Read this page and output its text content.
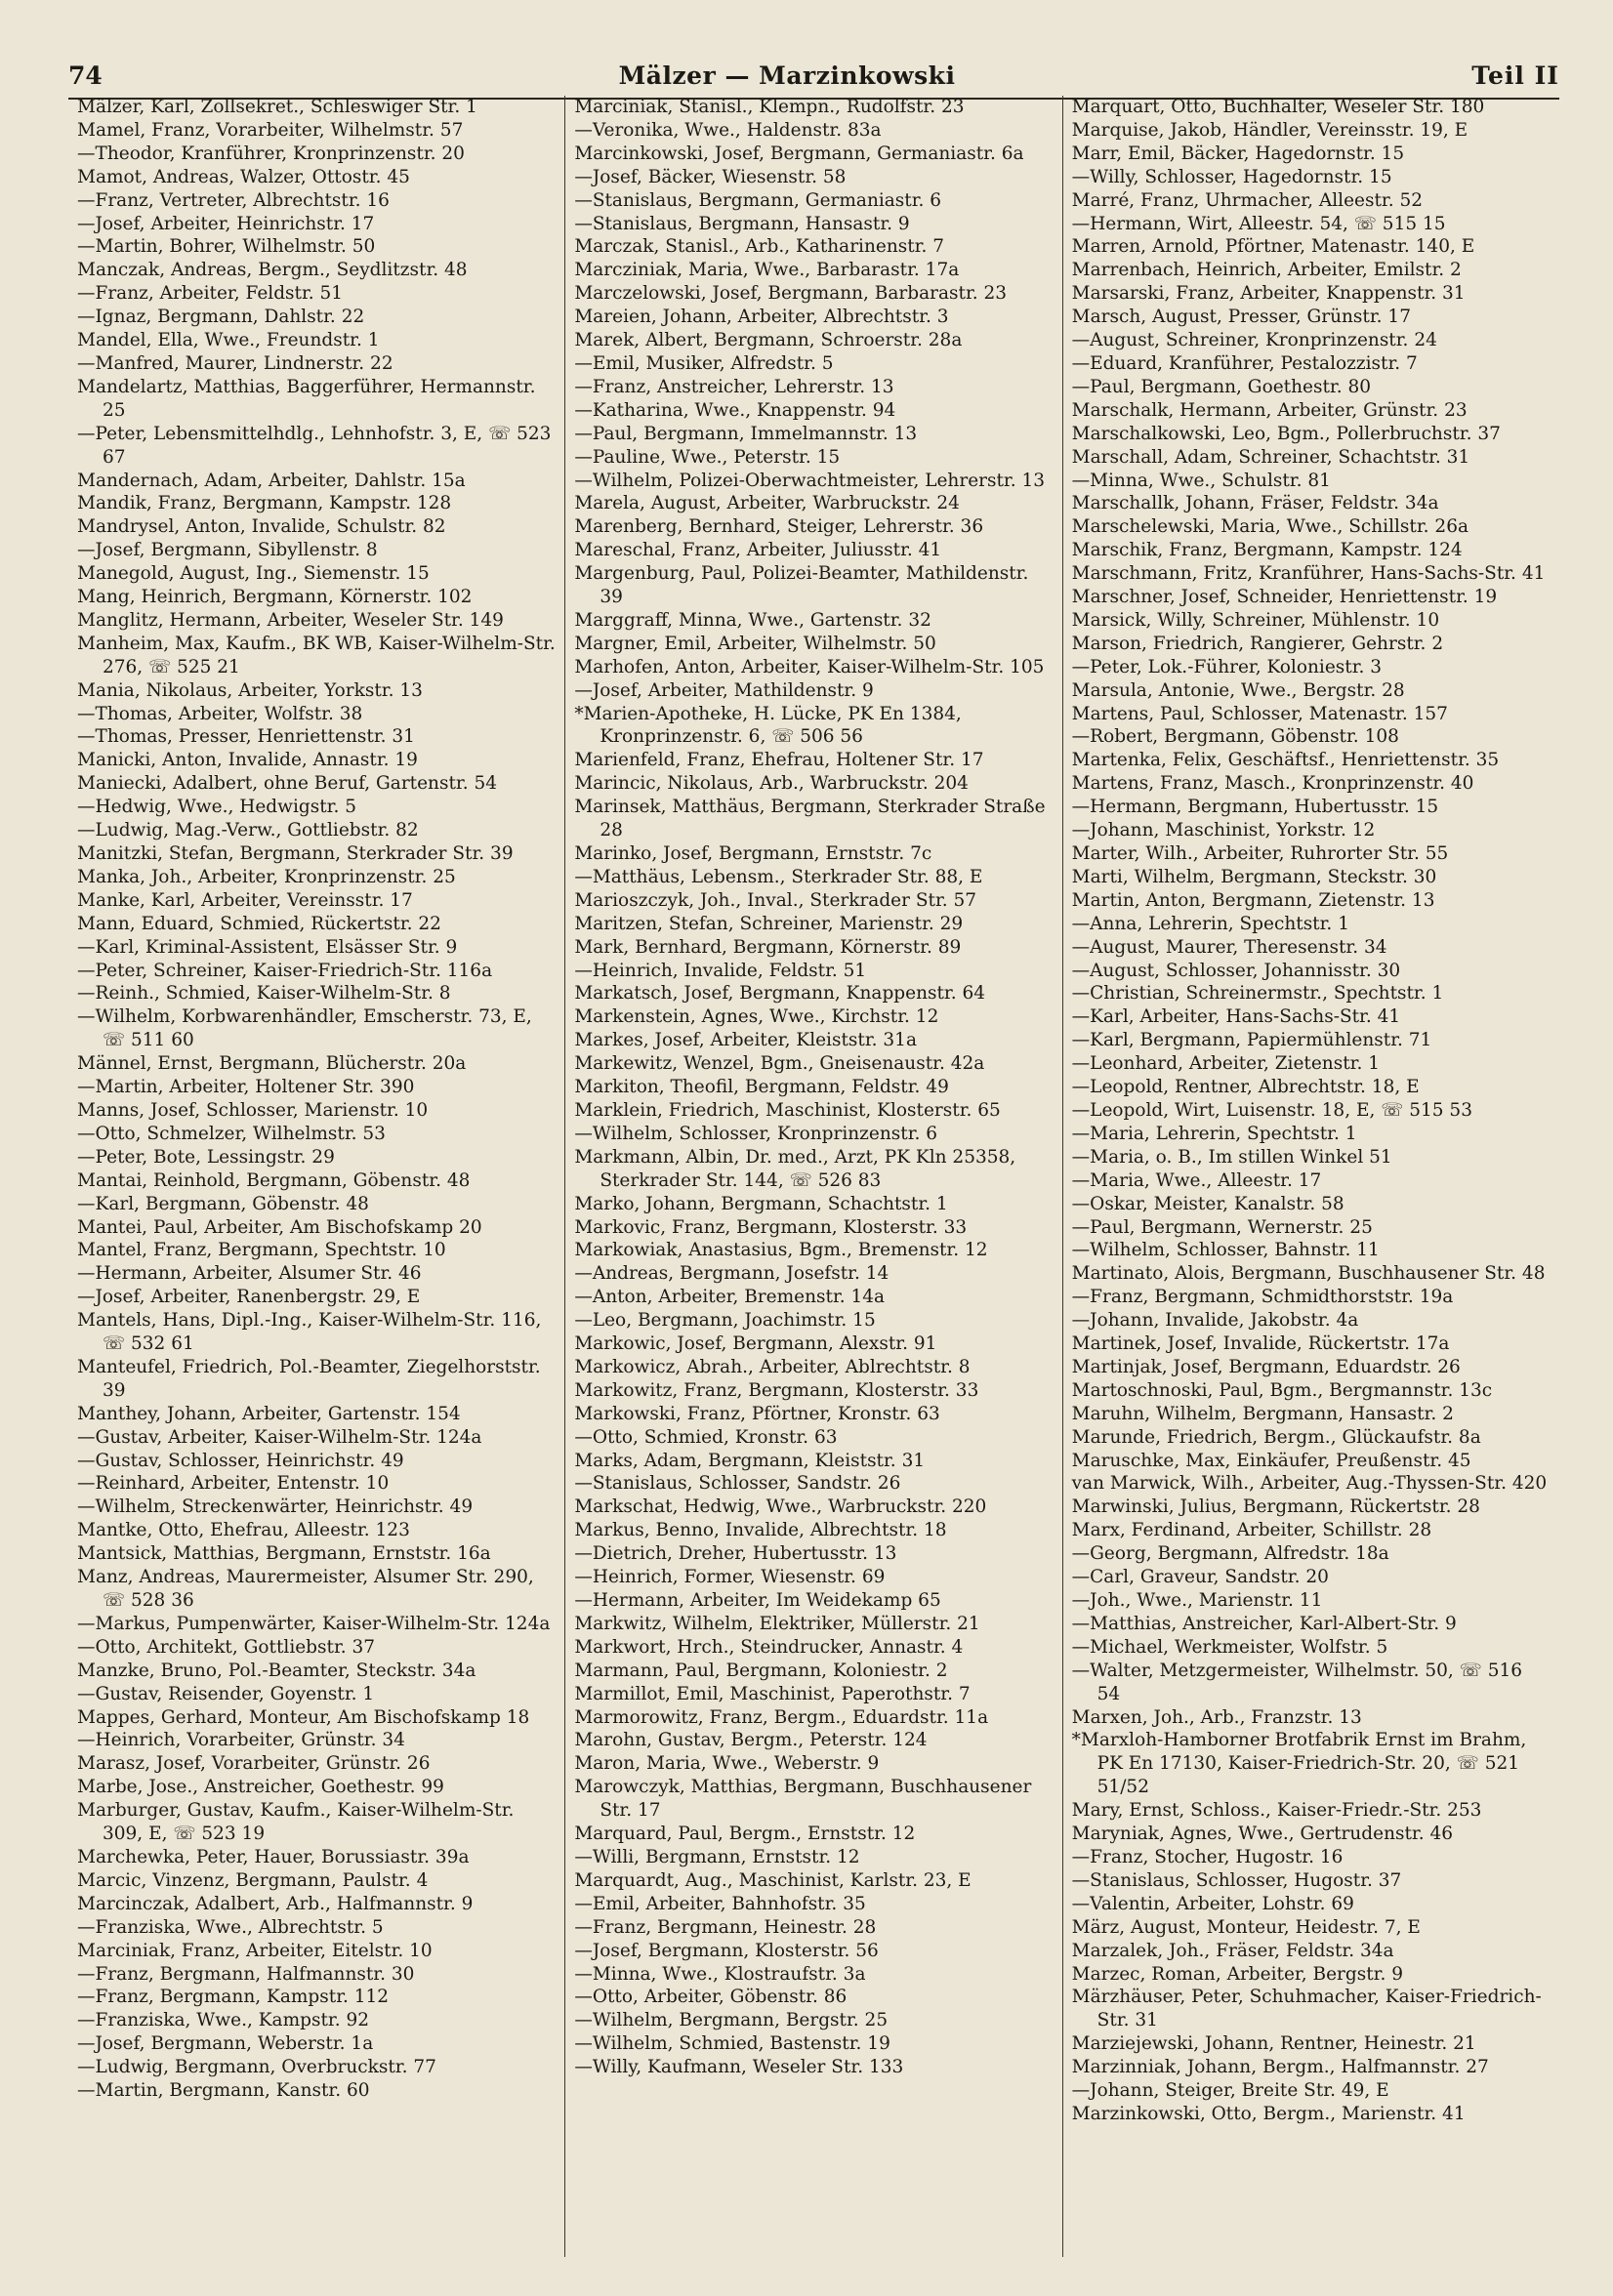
74	Mälzer — Marzinkowski	Teil II
Mälzer, Karl, Zollsekret., Schleswiger Str. 1
Mamel, Franz, Vorarbeiter, Wilhelmstr. 57
—Theodor, Kranführer, Kronprinzenstr. 20
Mamot, Andreas, Walzer, Ottostr. 45
—Franz, Vertreter, Albrechtstr. 16
—Josef, Arbeiter, Heinrichstr. 17
—Martin, Bohrer, Wilhelmstr. 50
Manczak, Andreas, Bergm., Seydlitzstr. 48
—Franz, Arbeiter, Feldstr. 51
—Ignaz, Bergmann, Dahlstr. 22
Mandel, Ella, Wwe., Freundstr. 1
—Manfred, Maurer, Lindnerstr. 22
Mandelartz, Matthias, Baggerführer, Hermannstr. 25
—Peter, Lebensmittelhdlg., Lehnhofstr. 3, E, ☏ 523 67
Mandernach, Adam, Arbeiter, Dahlstr. 15a
Mandik, Franz, Bergmann, Kampstr. 128
Mandrysel, Anton, Invalide, Schulstr. 82
—Josef, Bergmann, Sibyllenstr. 8
Manegold, August, Ing., Siemenstr. 15
Mang, Heinrich, Bergmann, Körnerstr. 102
Manglitz, Hermann, Arbeiter, Weseler Str. 149
Manheim, Max, Kaufm., BK WB, Kaiser-Wilhelm-Str. 276, ☏ 525 21
Mania, Nikolaus, Arbeiter, Yorkstr. 13
—Thomas, Arbeiter, Wolfstr. 38
—Thomas, Presser, Henriettenstr. 31
Manicki, Anton, Invalide, Annastr. 19
Maniecki, Adalbert, ohne Beruf, Gartenstr. 54
—Hedwig, Wwe., Hedwigstr. 5
—Ludwig, Mag.-Verw., Gottliebstr. 82
Manitzki, Stefan, Bergmann, Sterkrader Str. 39
Manka, Joh., Arbeiter, Kronprinzenstr. 25
Manke, Karl, Arbeiter, Vereinsstr. 17
Mann, Eduard, Schmied, Rückertstr. 22
—Karl, Kriminal-Assistent, Elsässer Str. 9
—Peter, Schreiner, Kaiser-Friedrich-Str. 116a
—Reinh., Schmied, Kaiser-Wilhelm-Str. 8
—Wilhelm, Korbwarenhändler, Emscherstr. 73, E, ☏ 511 60
Männel, Ernst, Bergmann, Blücherstr. 20a
—Martin, Arbeiter, Holtener Str. 390
Manns, Josef, Schlosser, Marienstr. 10
—Otto, Schmelzer, Wilhelmstr. 53
—Peter, Bote, Lessingstr. 29
Mantai, Reinhold, Bergmann, Göbenstr. 48
—Karl, Bergmann, Göbenstr. 48
Mantei, Paul, Arbeiter, Am Bischofskamp 20
Mantel, Franz, Bergmann, Spechtstr. 10
—Hermann, Arbeiter, Alsumer Str. 46
—Josef, Arbeiter, Ranenbergstr. 29, E
Mantels, Hans, Dipl.-Ing., Kaiser-Wilhelm-Str. 116, ☏ 532 61
Manteufel, Friedrich, Pol.-Beamter, Ziegelhorststr. 39
Manthey, Johann, Arbeiter, Gartenstr. 154
—Gustav, Arbeiter, Kaiser-Wilhelm-Str. 124a
—Gustav, Schlosser, Heinrichstr. 49
—Reinhard, Arbeiter, Entenstr. 10
—Wilhelm, Streckenwärter, Heinrichstr. 49
Mantke, Otto, Ehefrau, Alleestr. 123
Mantsick, Matthias, Bergmann, Ernststr. 16a
Manz, Andreas, Maurermeister, Alsumer Str. 290, ☏ 528 36
—Markus, Pumpenwärter, Kaiser-Wilhelm-Str. 124a
—Otto, Architekt, Gottliebstr. 37
Manzke, Bruno, Pol.-Beamter, Steckstr. 34a
—Gustav, Reisender, Goyenstr. 1
Mappes, Gerhard, Monteur, Am Bischofskamp 18
—Heinrich, Vorarbeiter, Grünstr. 34
Marasz, Josef, Vorarbeiter, Grünstr. 26
Marbe, Jose., Anstreicher, Goethestr. 99
Marburger, Gustav, Kaufm., Kaiser-Wilhelm-Str. 309, E, ☏ 523 19
Marchewka, Peter, Hauer, Borussiastr. 39a
Marcic, Vinzenz, Bergmann, Paulstr. 4
Marcinczak, Adalbert, Arb., Halfmannstr. 9
—Franziska, Wwe., Albrechtstr. 5
Marciniak, Franz, Arbeiter, Eitelstr. 10
—Franz, Bergmann, Halfmannstr. 30
—Franz, Bergmann, Kampstr. 112
—Franziska, Wwe., Kampstr. 92
—Josef, Bergmann, Weberstr. 1a
—Ludwig, Bergmann, Overbruckstr. 77
—Martin, Bergmann, Kanstr. 60
Marciniak, Stanisl., Klempn., Rudolfstr. 23
—Veronika, Wwe., Haldenstr. 83a
Marcinkowski, Josef, Bergmann, Germaniastr. 6a
—Josef, Bäcker, Wiesenstr. 58
—Stanislaus, Bergmann, Germaniastr. 6
—Stanislaus, Bergmann, Hansastr. 9
Marczak, Stanisl., Arb., Katharinenstr. 7
Marcziniak, Maria, Wwe., Barbarastr. 17a
Marczelowski, Josef, Bergmann, Barbarastr. 23
Mareien, Johann, Arbeiter, Albrechtstr. 3
Marek, Albert, Bergmann, Schroerstr. 28a
—Emil, Musiker, Alfredstr. 5
—Franz, Anstreicher, Lehrerstr. 13
—Katharina, Wwe., Knappenstr. 94
—Paul, Bergmann, Immelmannstr. 13
—Pauline, Wwe., Peterstr. 15
—Wilhelm, Polizei-Oberwachtmeister, Lehrerstr. 13
Marela, August, Arbeiter, Warbruckstr. 24
Marenberg, Bernhard, Steiger, Lehrerstr. 36
Mareschal, Franz, Arbeiter, Juliusstr. 41
Margenburg, Paul, Polizei-Beamter, Mathildenstr. 39
Marggraff, Minna, Wwe., Gartenstr. 32
Margner, Emil, Arbeiter, Wilhelmstr. 50
Marhofen, Anton, Arbeiter, Kaiser-Wilhelm-Str. 105
—Josef, Arbeiter, Mathildenstr. 9
*Marien-Apotheke, H. Lücke, PK En 1384, Kronprinzenstr. 6, ☏ 506 56
Marienfeld, Franz, Ehefrau, Holtener Str. 17
Marincic, Nikolaus, Arb., Warbruckstr. 204
Marinsek, Matthäus, Bergmann, Sterkrader Straße 28
Marinko, Josef, Bergmann, Ernststr. 7c
—Matthäus, Lebensm., Sterkrader Str. 88, E
Marioszczyk, Joh., Inval., Sterkrader Str. 57
Maritzen, Stefan, Schreiner, Marienstr. 29
Mark, Bernhard, Bergmann, Körnerstr. 89
—Heinrich, Invalide, Feldstr. 51
Markatsch, Josef, Bergmann, Knappenstr. 64
Markenstein, Agnes, Wwe., Kirchstr. 12
Markes, Josef, Arbeiter, Kleiststr. 31a
Markewitz, Wenzel, Bgm., Gneisenaustr. 42a
Markiton, Theofil, Bergmann, Feldstr. 49
Marklein, Friedrich, Maschinist, Klosterstr. 65
—Wilhelm, Schlosser, Kronprinzenstr. 6
Markmann, Albin, Dr. med., Arzt, PK Kln 25358, Sterkrader Str. 144, ☏ 526 83
Marko, Johann, Bergmann, Schachtstr. 1
Markovic, Franz, Bergmann, Klosterstr. 33
Markowiak, Anastasius, Bgm., Bremenstr. 12
—Andreas, Bergmann, Josefstr. 14
—Anton, Arbeiter, Bremenstr. 14a
—Leo, Bergmann, Joachimstr. 15
Markowic, Josef, Bergmann, Alexstr. 91
Markowicz, Abrah., Arbeiter, Ablrechtstr. 8
Markowitz, Franz, Bergmann, Klosterstr. 33
Markowski, Franz, Pförtner, Kronstr. 63
—Otto, Schmied, Kronstr. 63
Marks, Adam, Bergmann, Kleiststr. 31
—Stanislaus, Schlosser, Sandstr. 26
Markschat, Hedwig, Wwe., Warbruckstr. 220
Markus, Benno, Invalide, Albrechtstr. 18
—Dietrich, Dreher, Hubertusstr. 13
—Heinrich, Former, Wiesenstr. 69
—Hermann, Arbeiter, Im Weidekamp 65
Markwitz, Wilhelm, Elektriker, Müllerstr. 21
Markwort, Hrch., Steindrucker, Annastr. 4
Marmann, Paul, Bergmann, Koloniestr. 2
Marmillot, Emil, Maschinist, Paperothstr. 7
Marmorowitz, Franz, Bergm., Eduardstr. 11a
Marohn, Gustav, Bergm., Peterstr. 124
Maron, Maria, Wwe., Weberstr. 9
Marowczyk, Matthias, Bergmann, Buschhausener Str. 17
Marquard, Paul, Bergm., Ernststr. 12
—Willi, Bergmann, Ernststr. 12
Marquardt, Aug., Maschinist, Karlstr. 23, E
—Emil, Arbeiter, Bahnhofstr. 35
—Franz, Bergmann, Heinestr. 28
—Josef, Bergmann, Klosterstr. 56
—Minna, Wwe., Klostraufstr. 3a
—Otto, Arbeiter, Göbenstr. 86
—Wilhelm, Bergmann, Bergstr. 25
—Wilhelm, Schmied, Bastenstr. 19
—Willy, Kaufmann, Weseler Str. 133
Marquart, Otto, Buchhalter, Weseler Str. 180
Marquise, Jakob, Händler, Vereinsstr. 19, E
Marr, Emil, Bäcker, Hagedornstr. 15
—Willy, Schlosser, Hagedornstr. 15
Marré, Franz, Uhrmacher, Alleestr. 52
—Hermann, Wirt, Alleestr. 54, ☏ 515 15
Marren, Arnold, Pförtner, Matenastr. 140, E
Marrenbach, Heinrich, Arbeiter, Emilstr. 2
Marsarski, Franz, Arbeiter, Knappenstr. 31
Marsch, August, Presser, Grünstr. 17
—August, Schreiner, Kronprinzenstr. 24
—Eduard, Kranführer, Pestalozzistr. 7
—Paul, Bergmann, Goethestr. 80
Marschalk, Hermann, Arbeiter, Grünstr. 23
Marschalkowski, Leo, Bgm., Pollerbruchstr. 37
Marschall, Adam, Schreiner, Schachtstr. 31
—Minna, Wwe., Schulstr. 81
Marschallk, Johann, Fräser, Feldstr. 34a
Marschelewski, Maria, Wwe., Schillstr. 26a
Marschik, Franz, Bergmann, Kampstr. 124
Marschmann, Fritz, Kranführer, Hans-Sachs-Str. 41
Marschner, Josef, Schneider, Henriettenstr. 19
Marsick, Willy, Schreiner, Mühlenstr. 10
Marson, Friedrich, Rangierer, Gehrstr. 2
—Peter, Lok.-Führer, Koloniestr. 3
Marsula, Antonie, Wwe., Bergstr. 28
Martens, Paul, Schlosser, Matenastr. 157
—Robert, Bergmann, Göbenstr. 108
Martenka, Felix, Geschäftsf., Henriettenstr. 35
Martens, Franz, Masch., Kronprinzenstr. 40
—Hermann, Bergmann, Hubertusstr. 15
—Johann, Maschinist, Yorkstr. 12
Marter, Wilh., Arbeiter, Ruhrorter Str. 55
Marti, Wilhelm, Bergmann, Steckstr. 30
Martin, Anton, Bergmann, Zietenstr. 13
—Anna, Lehrerin, Spechtstr. 1
—August, Maurer, Theresenstr. 34
—August, Schlosser, Johannisstr. 30
—Christian, Schreinermstr., Spechtstr. 1
—Karl, Arbeiter, Hans-Sachs-Str. 41
—Karl, Bergmann, Papiermühlenstr. 71
—Leonhard, Arbeiter, Zietenstr. 1
—Leopold, Rentner, Albrechtstr. 18, E
—Leopold, Wirt, Luisenstr. 18, E, ☏ 515 53
—Maria, Lehrerin, Spechtstr. 1
—Maria, o. B., Im stillen Winkel 51
—Maria, Wwe., Alleestr. 17
—Oskar, Meister, Kanalstr. 58
—Paul, Bergmann, Wernerstr. 25
—Wilhelm, Schlosser, Bahnstr. 11
Martinato, Alois, Bergmann, Buschhausener Str. 48
—Franz, Bergmann, Schmidthorststr. 19a
—Johann, Invalide, Jakobstr. 4a
Martinek, Josef, Invalide, Rückertstr. 17a
Martinjak, Josef, Bergmann, Eduardstr. 26
Martoschnoski, Paul, Bgm., Bergmannstr. 13c
Maruhn, Wilhelm, Bergmann, Hansastr. 2
Marunde, Friedrich, Bergm., Glückaufstr. 8a
Maruschke, Max, Einkäufer, Preußenstr. 45
van Marwick, Wilh., Arbeiter, Aug.-Thyssen-Str. 420
Marwinski, Julius, Bergmann, Rückertstr. 28
Marx, Ferdinand, Arbeiter, Schillstr. 28
—Georg, Bergmann, Alfredstr. 18a
—Carl, Graveur, Sandstr. 20
—Joh., Wwe., Marienstr. 11
—Matthias, Anstreicher, Karl-Albert-Str. 9
—Michael, Werkmeister, Wolfstr. 5
—Walter, Metzgermeister, Wilhelmstr. 50, ☏ 516 54
Marxen, Joh., Arb., Franzstr. 13
*Marxloh-Hamborner Brotfabrik Ernst im Brahm, PK En 17130, Kaiser-Friedrich-Str. 20, ☏ 521 51/52
Mary, Ernst, Schloss., Kaiser-Friedr.-Str. 253
Maryniak, Agnes, Wwe., Gertrudenstr. 46
—Franz, Stocher, Hugostr. 16
—Stanislaus, Schlosser, Hugostr. 37
—Valentin, Arbeiter, Lohstr. 69
März, August, Monteur, Heidestr. 7, E
Marzalek, Joh., Fräser, Feldstr. 34a
Marzec, Roman, Arbeiter, Bergstr. 9
Märzhäuser, Peter, Schuhmacher, Kaiser-Friedrich-Str. 31
Marziejewski, Johann, Rentner, Heinestr. 21
Marzinniak, Johann, Bergm., Halfmannstr. 27
—Johann, Steiger, Breite Str. 49, E
Marzinkowski, Otto, Bergm., Marienstr. 41
